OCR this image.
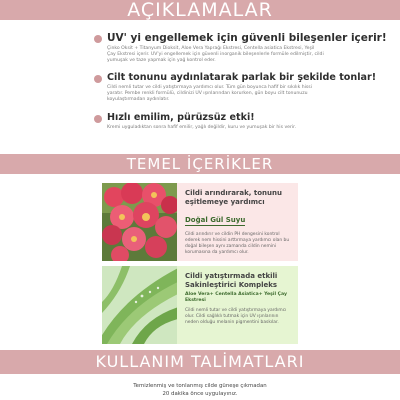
AÇIKLAMALAR
UV' yi engellemek için güvenli bileşenler içerir!
Çinko Oksit + Titanyum Dioksit, Aloe Vera Yaprağı Ekstresi, Centella asiatica Ekstresi, Yeşil Çay Ekstresi içerir. UV'yi engellemek için güvenli inorganik bileşenlerle formüle edilmiştir, cildi yumuşak ve taze yapmak için yağ kontrol eder.
Cilt tonunu aydınlatarak parlak bir şekilde tonlar!
Cildi nemli tutar ve cildi yatıştırmaya yardımcı olur. Tüm gün boyunca hafif bir sıkılık hissi yaratır. Pembe renkli formülü, cildinizi UV ışınlarından korurken, gün boyu cilt tonunuzu koyulaştırmadan aydınlatır.
Hızlı emilim, pürüzsüz etki!
Kremi uyguladıktan sonra hafif emilir, yağlı değildir, kuru ve yumuşak bir his verir.
TEMEL İÇERİKLER
Cildi arındırarak, tonunu
eşitlemeye yardımcı
Doğal Gül Suyu
Cildi arındırır ve cildin PH dengesini kontrol ederek nem hissini arttırmaya yardımcı olan bu doğal bileşen aynı zamanda cildin nemini korumasına da yardımcı olur.
Cildi yatıştırmada etkili
Sakinleştirici Kompleks
Aloe Vera+ Centella Asiatica+ Yeşil Çay Ekstresi
Cildi nemli tutar ve cildi yatıştırmaya yardımcı olur. Cildi sağlıklı tutmak için UV ışınlarının neden olduğu melanin pigmentini baskılar.
KULLANIM TALİMATLARI
Temizlenmiş ve tonlanmış cilde güneşe çıkmadan
20 dakika önce uygulayınız.
